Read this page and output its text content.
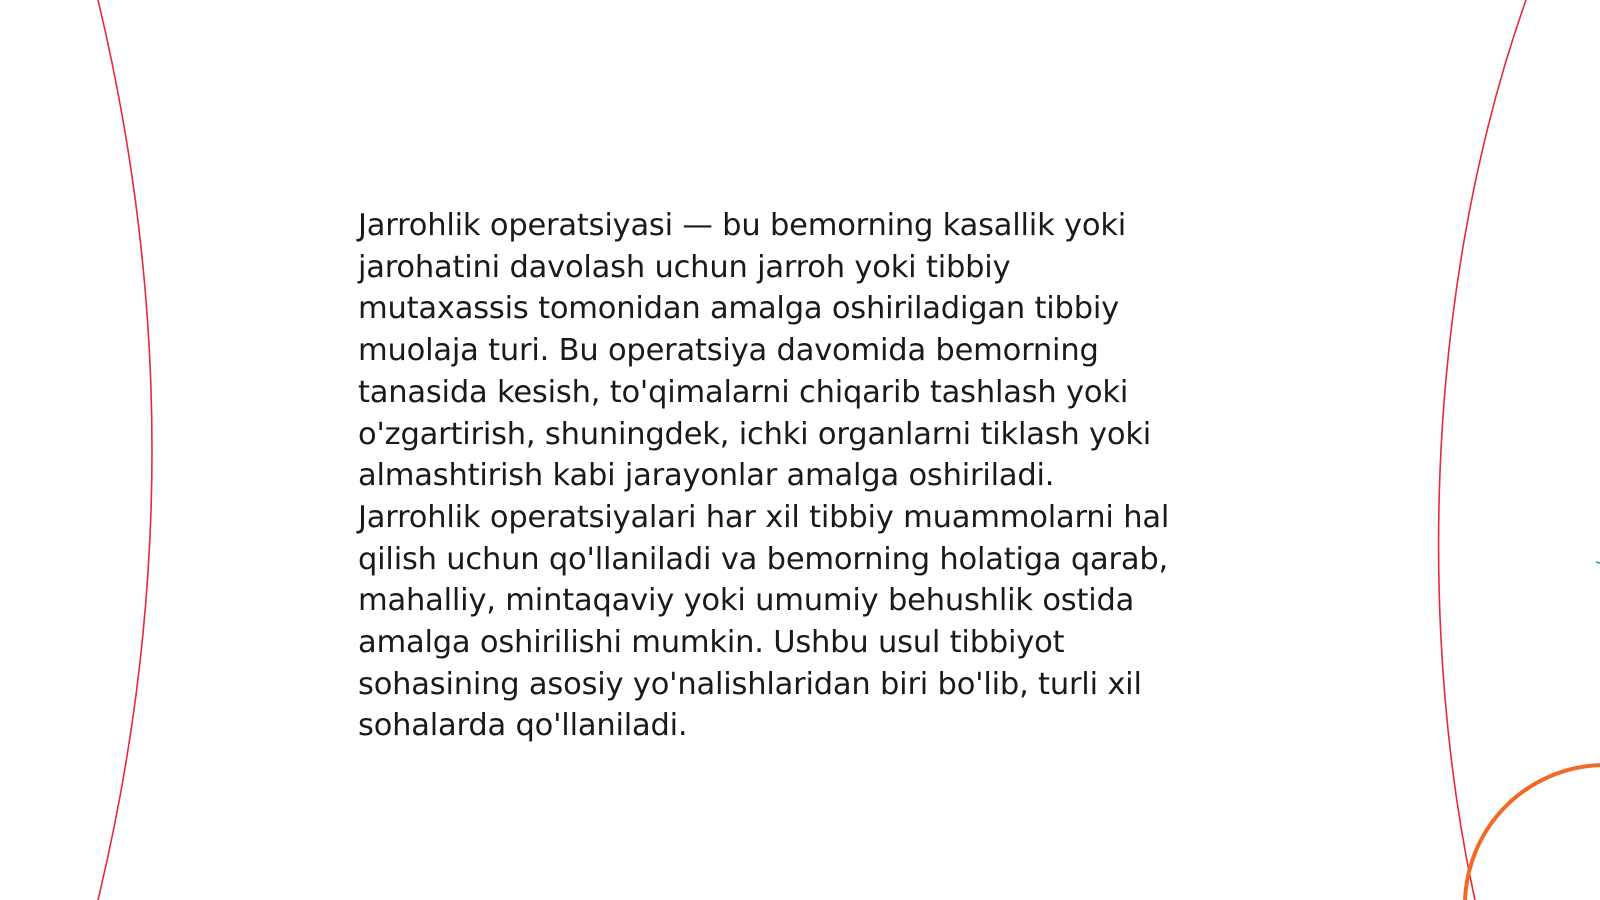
Jarrohlik operatsiyasi — bu bemorning kasallik yoki
jarohatini davolash uchun jarroh yoki tibbiy
mutaxassis tomonidan amalga oshiriladigan tibbiy
muolaja turi. Bu operatsiya davomida bemorning
tanasida kesish, to'qimalarni chiqarib tashlash yoki
o'zgartirish, shuningdek, ichki organlarni tiklash yoki
almashtirish kabi jarayonlar amalga oshiriladi.
Jarrohlik operatsiyalari har xil tibbiy muammolarni hal
qilish uchun qo'llaniladi va bemorning holatiga qarab,
mahalliy, mintaqaviy yoki umumiy behushlik ostida
amalga oshirilishi mumkin. Ushbu usul tibbiyot
sohasining asosiy yo'nalishlaridan biri bo'lib, turli xil
sohalarda qo'llaniladi.
